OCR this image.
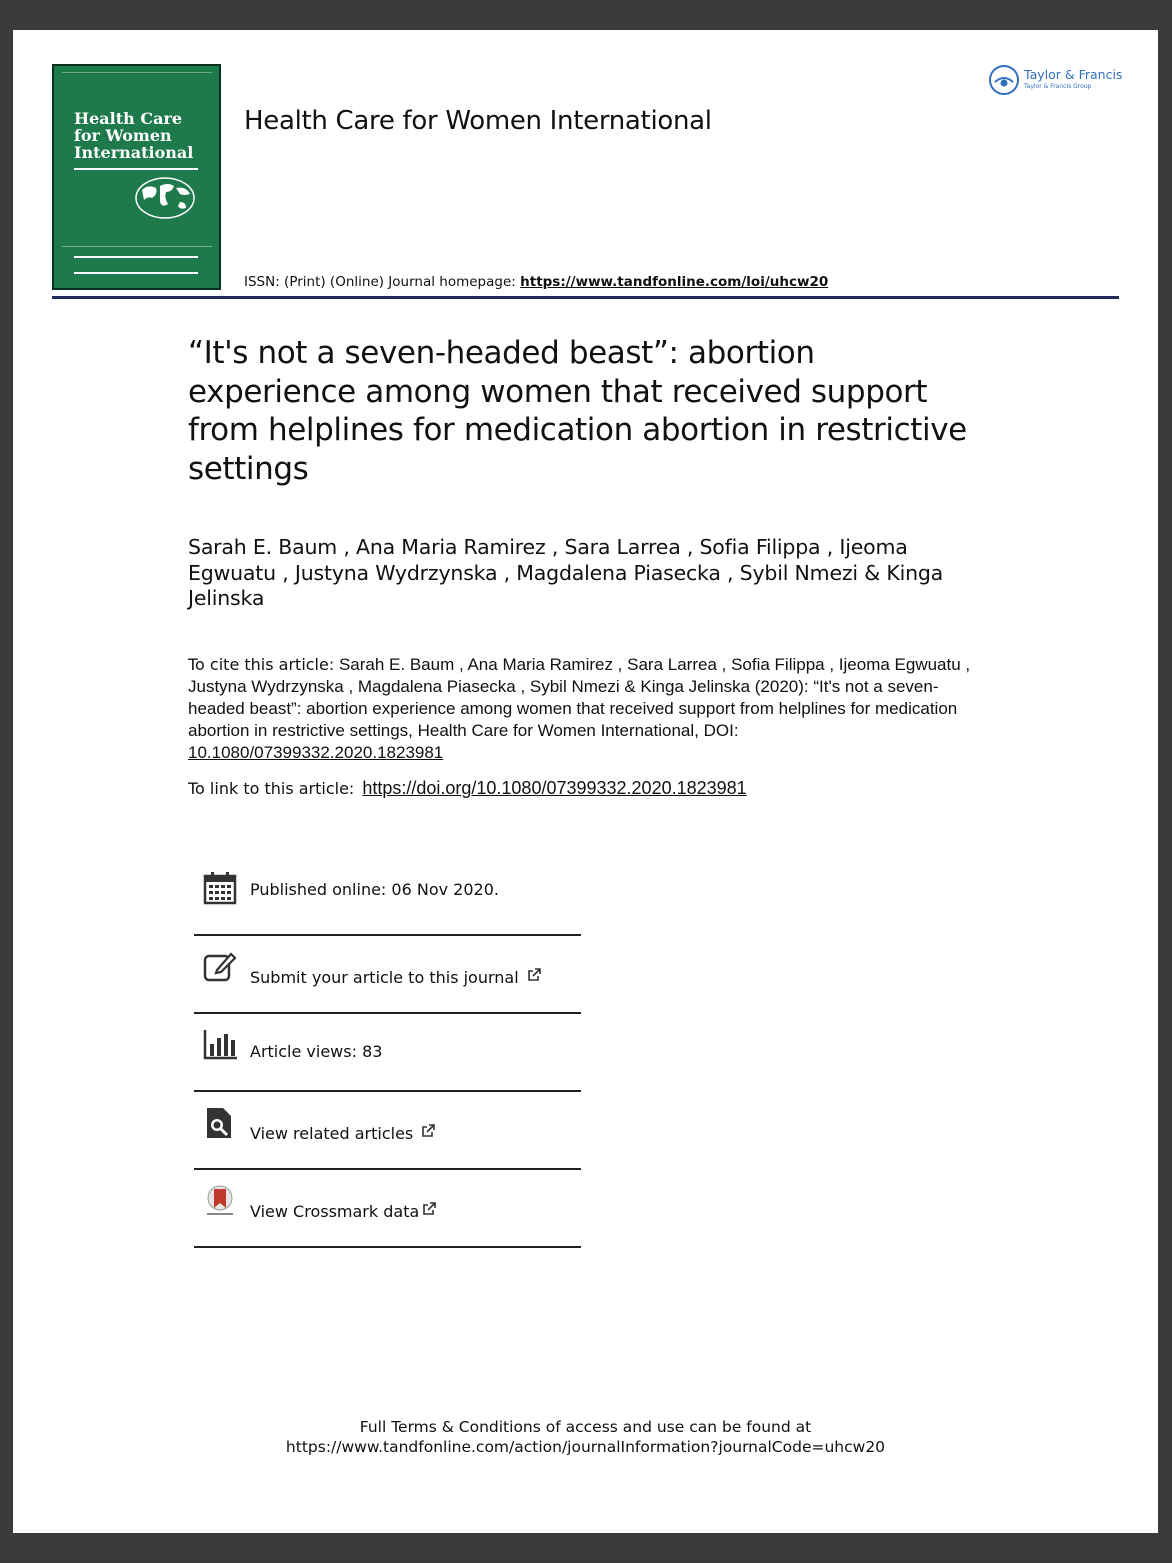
Health Care for Women International
Health Care for Women International
ISSN: (Print) (Online) Journal homepage: https://www.tandfonline.com/loi/uhcw20
Taylor & Francis
Taylor & Francis Group
“It's not a seven-headed beast”: abortion experience among women that received support from helplines for medication abortion in restrictive settings
Sarah E. Baum , Ana Maria Ramirez , Sara Larrea , Sofia Filippa , Ijeoma Egwuatu , Justyna Wydrzynska , Magdalena Piasecka , Sybil Nmezi & Kinga Jelinska
To cite this article: Sarah E. Baum , Ana Maria Ramirez , Sara Larrea , Sofia Filippa , Ijeoma Egwuatu , Justyna Wydrzynska , Magdalena Piasecka , Sybil Nmezi & Kinga Jelinska (2020): “It's not a seven-headed beast”: abortion experience among women that received support from helplines for medication abortion in restrictive settings, Health Care for Women International, DOI: 10.1080/07399332.2020.1823981
To link to this article: https://doi.org/10.1080/07399332.2020.1823981
Published online: 06 Nov 2020.
Submit your article to this journal
Article views: 83
View related articles
View Crossmark data
Full Terms & Conditions of access and use can be found at
https://www.tandfonline.com/action/journalInformation?journalCode=uhcw20
